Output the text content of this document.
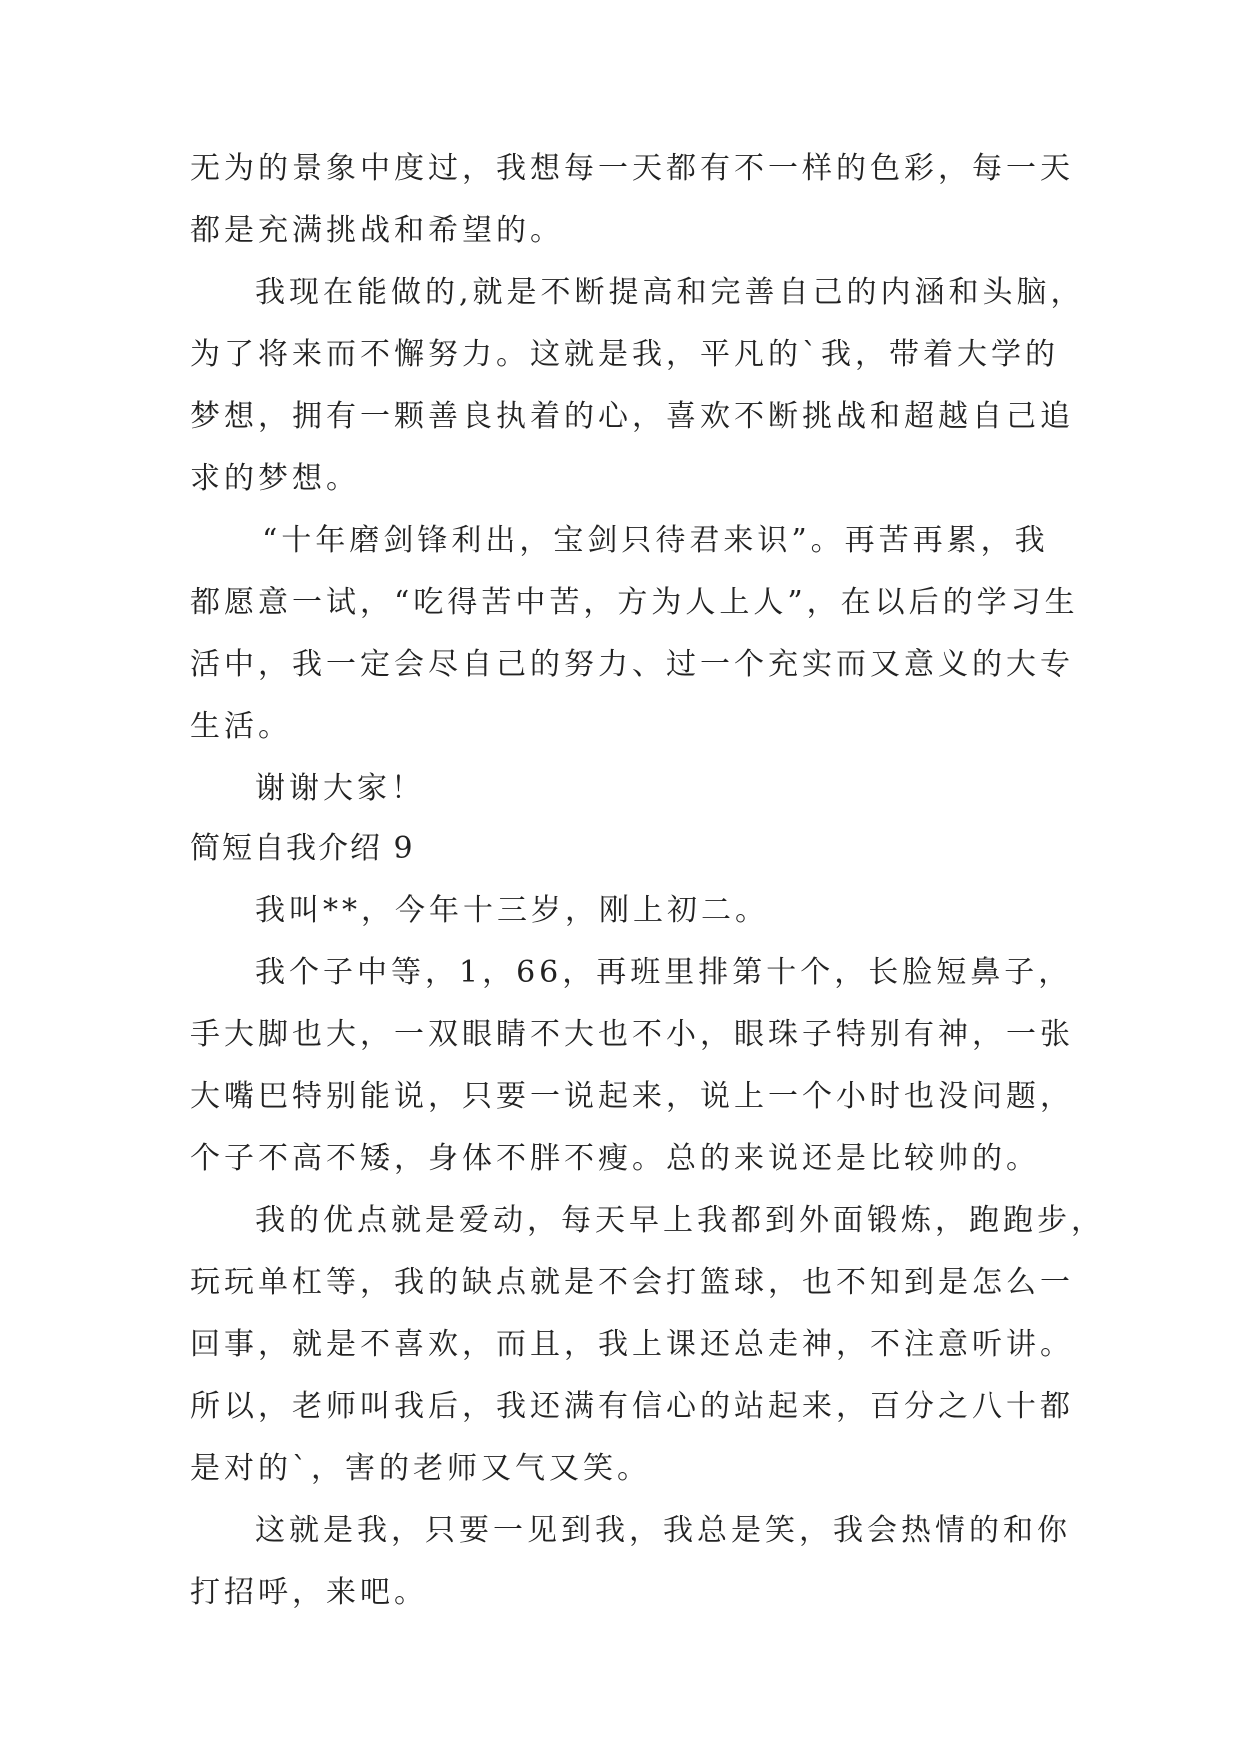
无为的景象中度过，我想每一天都有不一样的色彩，每一天
都是充满挑战和希望的。
我现在能做的,就是不断提高和完善自己的内涵和头脑，
为了将来而不懈努力。这就是我，平凡的`我，带着大学的
梦想，拥有一颗善良执着的心，喜欢不断挑战和超越自己追
求的梦想。
“十年磨剑锋利出，宝剑只待君来识”。再苦再累，我
都愿意一试，“吃得苦中苦，方为人上人”，在以后的学习生
活中，我一定会尽自己的努力、过一个充实而又意义的大专
生活。
谢谢大家！
简短自我介绍 9
我叫**，今年十三岁，刚上初二。
我个子中等，1，66，再班里排第十个，长脸短鼻子，
手大脚也大，一双眼睛不大也不小，眼珠子特别有神，一张
大嘴巴特别能说，只要一说起来，说上一个小时也没问题，
个子不高不矮，身体不胖不瘦。总的来说还是比较帅的。
我的优点就是爱动，每天早上我都到外面锻炼，跑跑步，
玩玩单杠等，我的缺点就是不会打篮球，也不知到是怎么一
回事，就是不喜欢，而且，我上课还总走神，不注意听讲。
所以，老师叫我后，我还满有信心的站起来，百分之八十都
是对的`，害的老师又气又笑。
这就是我，只要一见到我，我总是笑，我会热情的和你
打招呼，来吧。
